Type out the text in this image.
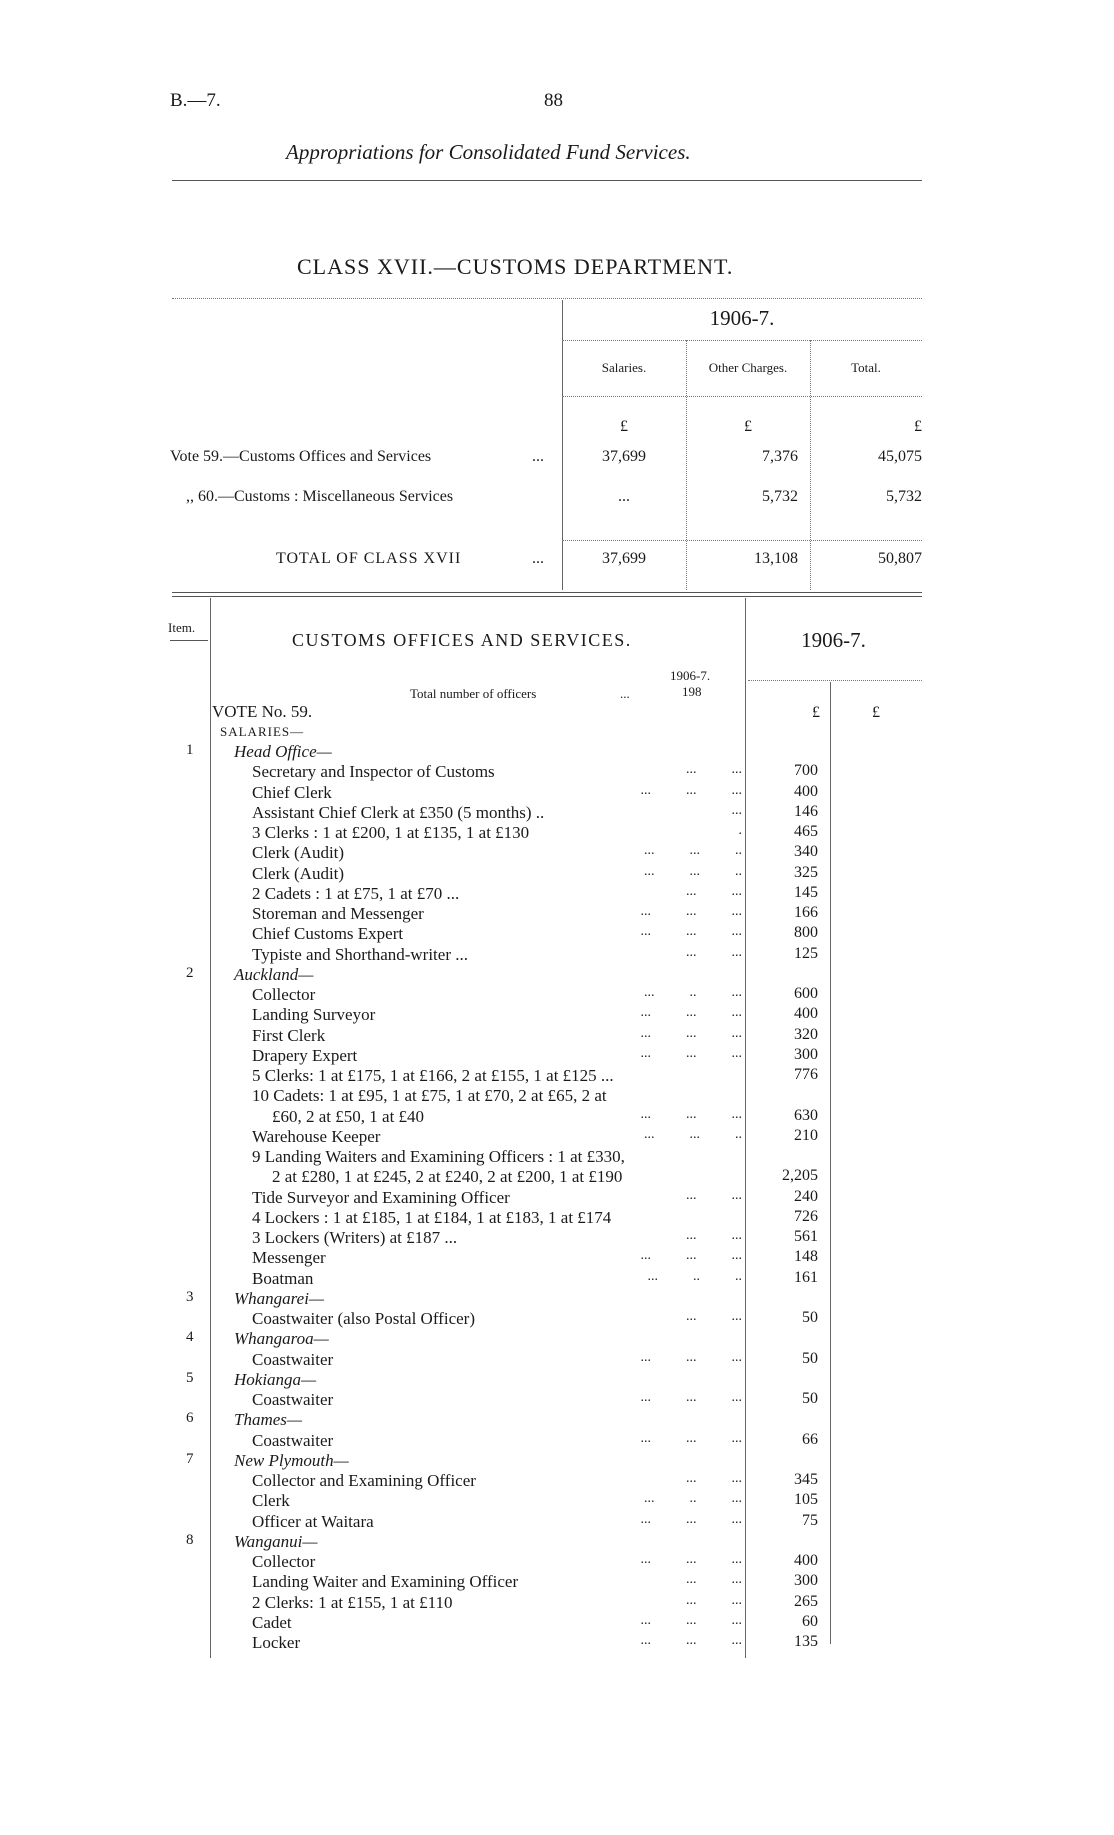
B.—7.	88
Appropriations for Consolidated Fund Services.
CLASS XVII.—CUSTOMS DEPARTMENT.
1906-7.
Salaries.	Other Charges.	Total.
£	£	£
Vote 59.—Customs Offices and Services	...	37,699	7,376	45,075
,, 60.—Customs : Miscellaneous Services	...	5,732	5,732
TOTAL OF CLASS XVII	...	37,699	13,108	50,807
Item.
CUSTOMS OFFICES AND SERVICES.	1906-7.
1906-7.
Total number of officers	...	198
VOTE No. 59.	£	£
SALARIES—
1 Head Office—
Secretary and Inspector of Customs	...          ...	700
Chief Clerk	...          ...          ...	400
Assistant Chief Clerk at £350 (5 months) ..	...	146
3 Clerks : 1 at £200, 1 at £135, 1 at £130	.	465
Clerk (Audit)	...          ...          ..	340
Clerk (Audit)	...          ...          ..	325
2 Cadets : 1 at £75, 1 at £70 ...	...          ...	145
Storeman and Messenger	...          ...          ...	166
Chief Customs Expert	...          ...          ...	800
Typiste and Shorthand-writer ...	...          ...	125
2 Auckland—
Collector	...          ..          ...	600
Landing Surveyor	...          ...          ...	400
First Clerk	...          ...          ...	320
Drapery Expert	...          ...          ...	300
5 Clerks: 1 at £175, 1 at £166, 2 at £155, 1 at £125 ...	776
10 Cadets: 1 at £95, 1 at £75, 1 at £70, 2 at £65, 2 at
£60, 2 at £50, 1 at £40	...          ...          ...	630
Warehouse Keeper	...          ...          ..	210
9 Landing Waiters and Examining Officers : 1 at £330,
2 at £280, 1 at £245, 2 at £240, 2 at £200, 1 at £190	2,205
Tide Surveyor and Examining Officer	...          ...	240
4 Lockers : 1 at £185, 1 at £184, 1 at £183, 1 at £174	726
3 Lockers (Writers) at £187 ...	...          ...	561
Messenger	...          ...          ...	148
Boatman	...          ..          ..	161
3 Whangarei—
Coastwaiter (also Postal Officer)	...          ...	50
4 Whangaroa—
Coastwaiter	...          ...          ...	50
5 Hokianga—
Coastwaiter	...          ...          ...	50
6 Thames—
Coastwaiter	...          ...          ...	66
7 New Plymouth—
Collector and Examining Officer	...          ...	345
Clerk	...          ..          ...	105
Officer at Waitara	...          ...          ...	75
8 Wanganui—
Collector	...          ...          ...	400
Landing Waiter and Examining Officer	...          ...	300
2 Clerks: 1 at £155, 1 at £110	...          ...	265
Cadet	...          ...          ...	60
Locker	...          ...          ...	135
